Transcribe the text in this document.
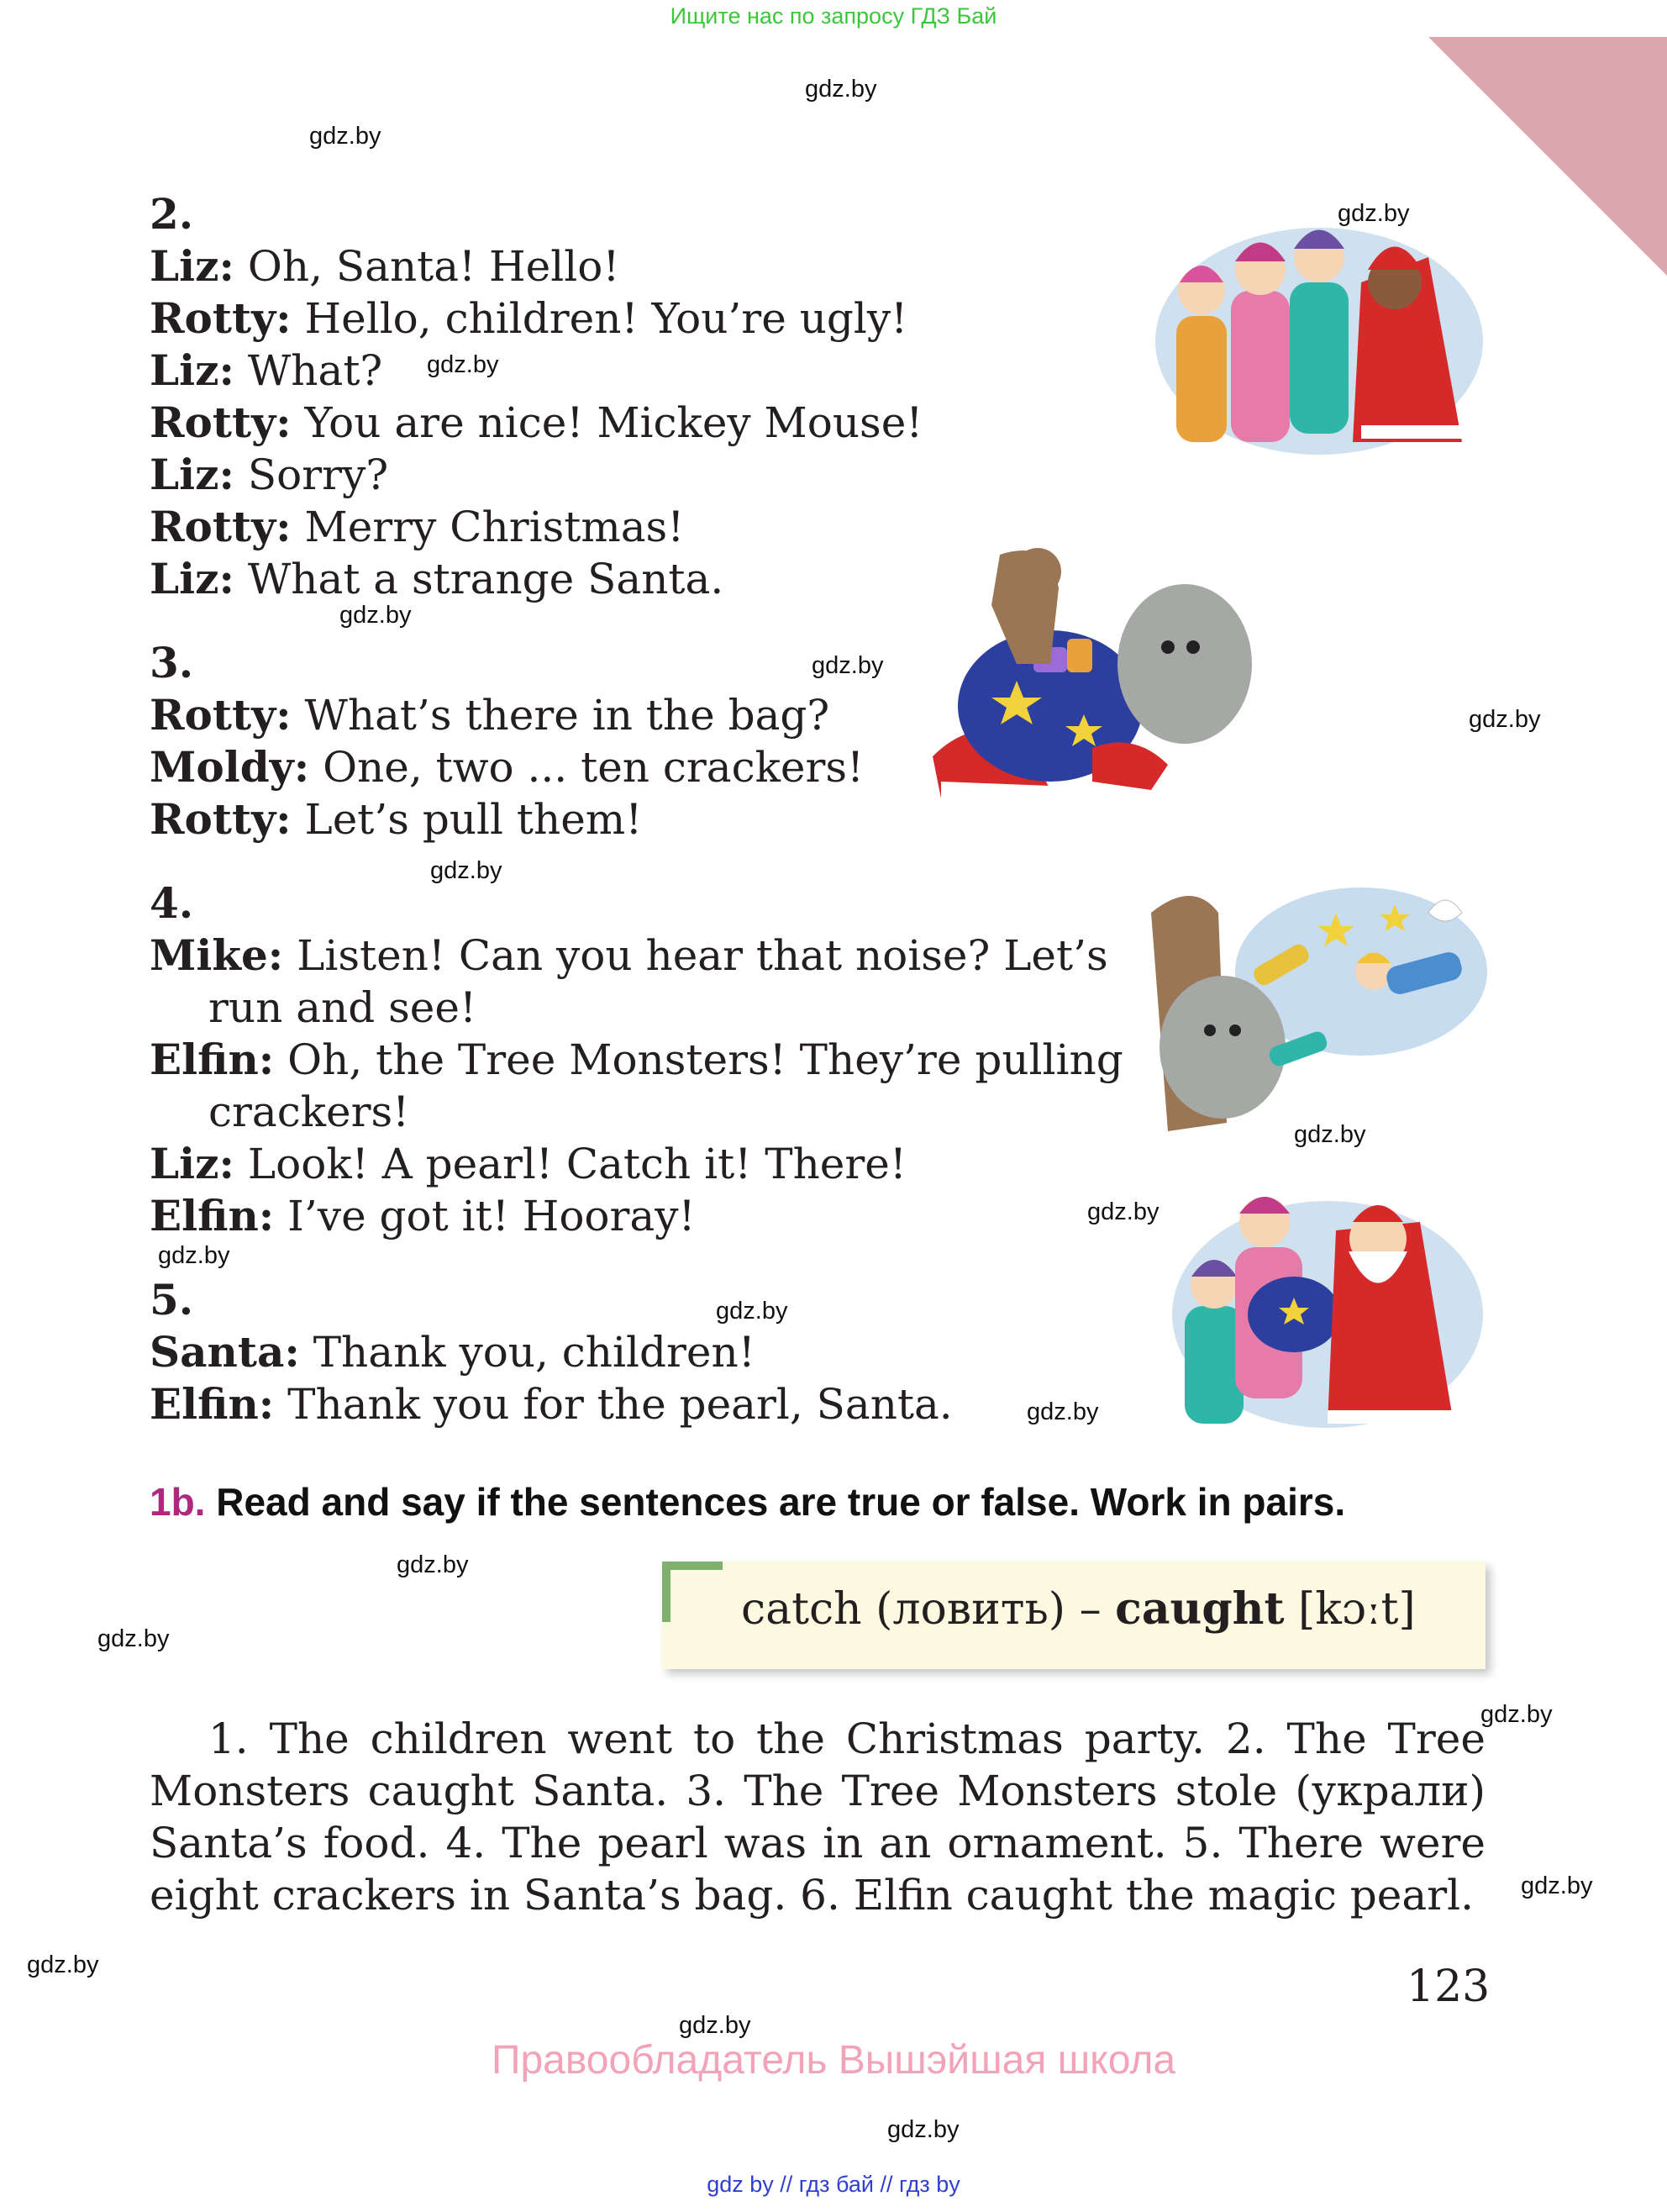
Ищите нас по запросу ГДЗ Бай
gdz.by
gdz.by
gdz.by
gdz.by
gdz.by
gdz.by
gdz.by
gdz.by
gdz.by
gdz.by
gdz.by
gdz.by
gdz.by
gdz.by
gdz.by
gdz.by
gdz.by
gdz.by
gdz.by
gdz.by
2.
Liz: Oh, Santa! Hello!
Rotty: Hello, children! You’re ugly!
Liz: What?
Rotty: You are nice! Mickey Mouse!
Liz: Sorry?
Rotty: Merry Christmas!
Liz: What a strange Santa.
3.
Rotty: What’s there in the bag?
Moldy: One, two ... ten crackers!
Rotty: Let’s pull them!
4.
Mike: Listen! Can you hear that noise? Let’s
run and see!
Elfin: Oh, the Tree Monsters! They’re pulling
crackers!
Liz: Look! A pearl! Catch it! There!
Elfin: I’ve got it! Hooray!
5.
Santa: Thank you, children!
Elfin: Thank you for the pearl, Santa.
1b. Read and say if the sentences are true or false. Work in pairs.
catch (ловить) – caught [kɔːt]
1. The children went to the Christmas party. 2. The Tree
Monsters caught Santa. 3. The Tree Monsters stole (украли)
Santa’s food. 4. The pearl was in an ornament. 5. There were
eight crackers in Santa’s bag. 6. Elfin caught the magic pearl.
123
Правообладатель Вышэйшая школа
gdz by // гдз бай // гдз by
